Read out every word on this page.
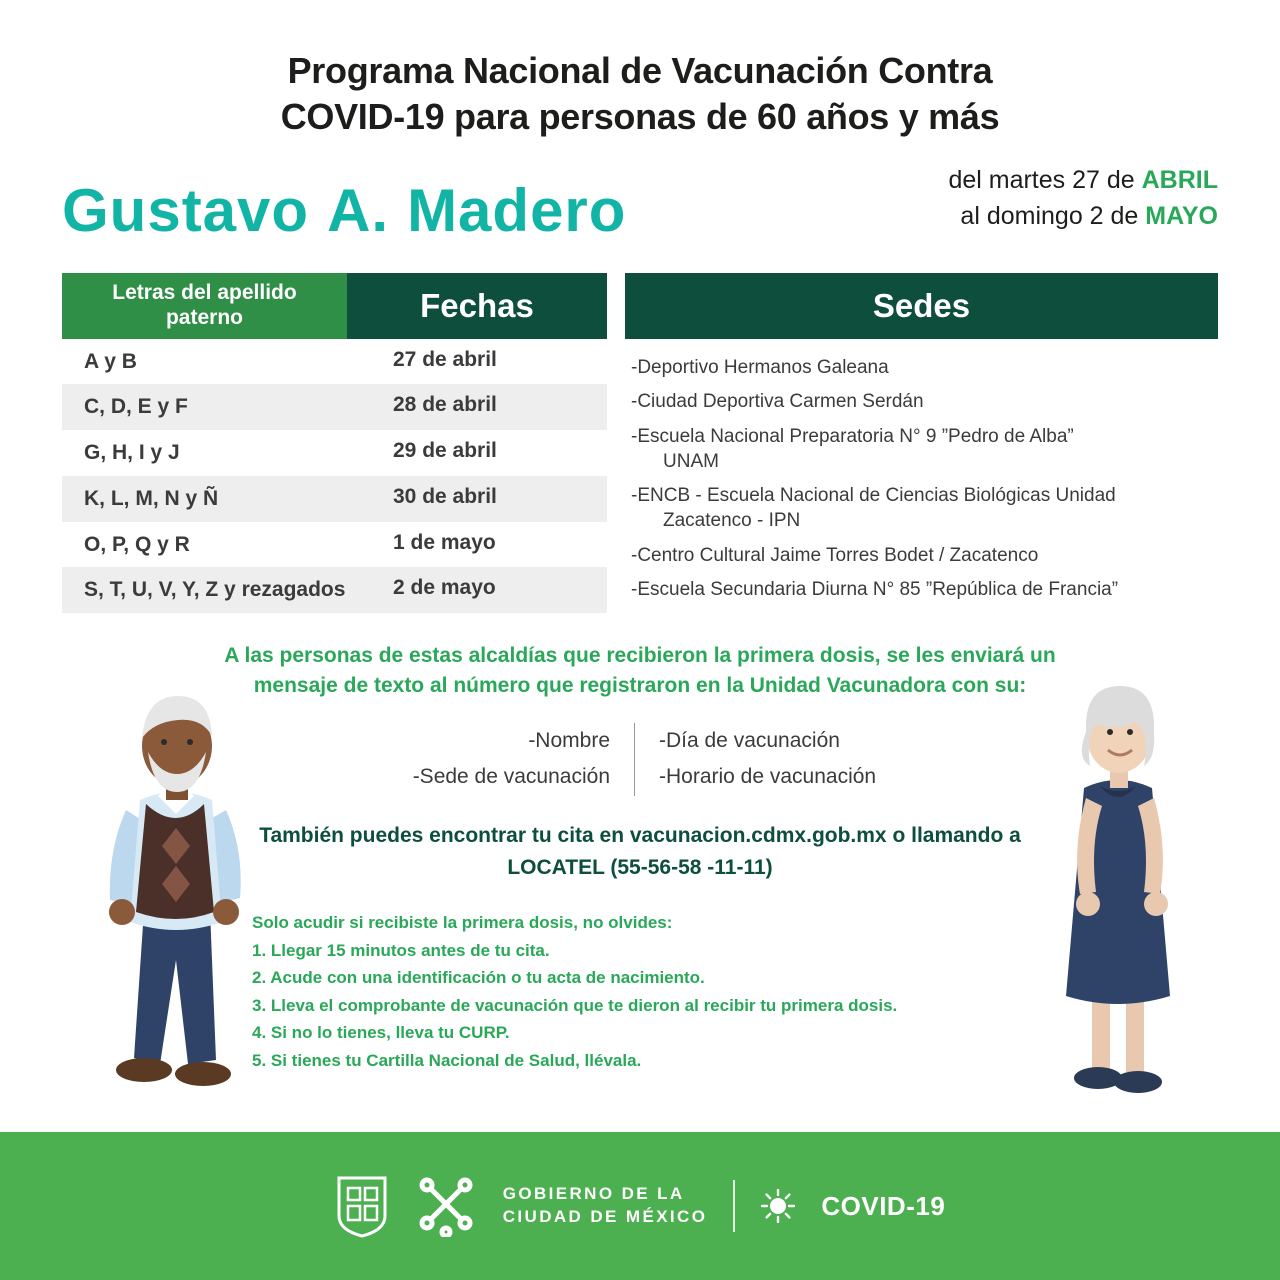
Programa Nacional de Vacunación Contra
COVID-19 para personas de 60 años y más
Gustavo A. Madero	del martes 27 de ABRIL
al domingo 2 de MAYO
Letras del apellido paterno	Fechas
A y B	27 de abril
C, D, E y F	28 de abril
G, H, I y J	29 de abril
K, L, M, N y Ñ	30 de abril
O, P, Q y R	1 de mayo
S, T, U, V, Y, Z y rezagados	2 de mayo
Sedes
-Deportivo Hermanos Galeana
-Ciudad Deportiva Carmen Serdán
-Escuela Nacional Preparatoria N° 9 ”Pedro de Alba”
UNAM
-ENCB - Escuela Nacional de Ciencias Biológicas Unidad
Zacatenco - IPN
-Centro Cultural Jaime Torres Bodet / Zacatenco
-Escuela Secundaria Diurna N° 85 ”República de Francia”
A las personas de estas alcaldías que recibieron la primera dosis, se les enviará un mensaje de texto al número que registraron en la Unidad Vacunadora con su:
-Nombre
-Sede de vacunación
-Día de vacunación
-Horario de vacunación
También puedes encontrar tu cita en vacunacion.cdmx.gob.mx o llamando a LOCATEL (55-56-58 -11-11)
Solo acudir si recibiste la primera dosis, no olvides:
1. Llegar 15 minutos antes de tu cita.
2. Acude con una identificación o tu acta de nacimiento.
3. Lleva el comprobante de vacunación que te dieron al recibir tu primera dosis.
4. Si no lo tienes, lleva tu CURP.
5. Si tienes tu Cartilla Nacional de Salud, llévala.
GOBIERNO DE LA
CIUDAD DE MÉXICO	COVID-19
